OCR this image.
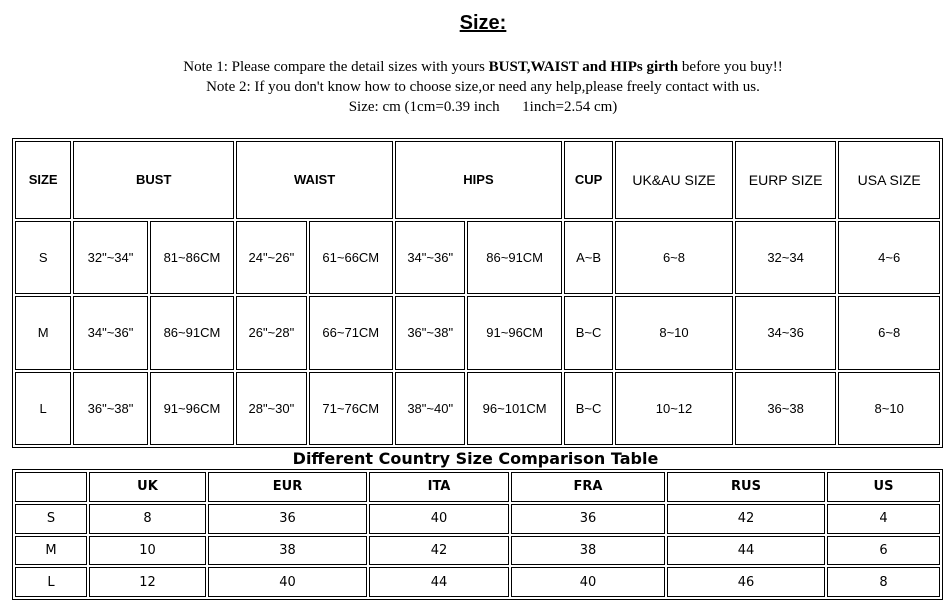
Size:
Note 1: Please compare the detail sizes with yours BUST,WAIST and HIPs girth before you buy!!
Note 2: If you don't know how to choose size,or need any help,please freely contact with us.
Size: cm (1cm=0.39 inch 1inch=2.54 cm)
SIZE	BUST		WAIST		HIPS		CUP	UK&AU SIZE	EURP SIZE	USA SIZE
S	32"~34"	81~86CM	24"~26"	61~66CM	34"~36"	86~91CM	A~B	6~8	32~34	4~6
M	34"~36"	86~91CM	26"~28"	66~71CM	36"~38"	91~96CM	B~C	8~10	34~36	6~8
L	36"~38"	91~96CM	28"~30"	71~76CM	38"~40"	96~101CM	B~C	10~12	36~38	8~10
Different Country Size Comparison Table
	UK	EUR	ITA	FRA	RUS	US
S	8	36	40	36	42	4
M	10	38	42	38	44	6
L	12	40	44	40	46	8
